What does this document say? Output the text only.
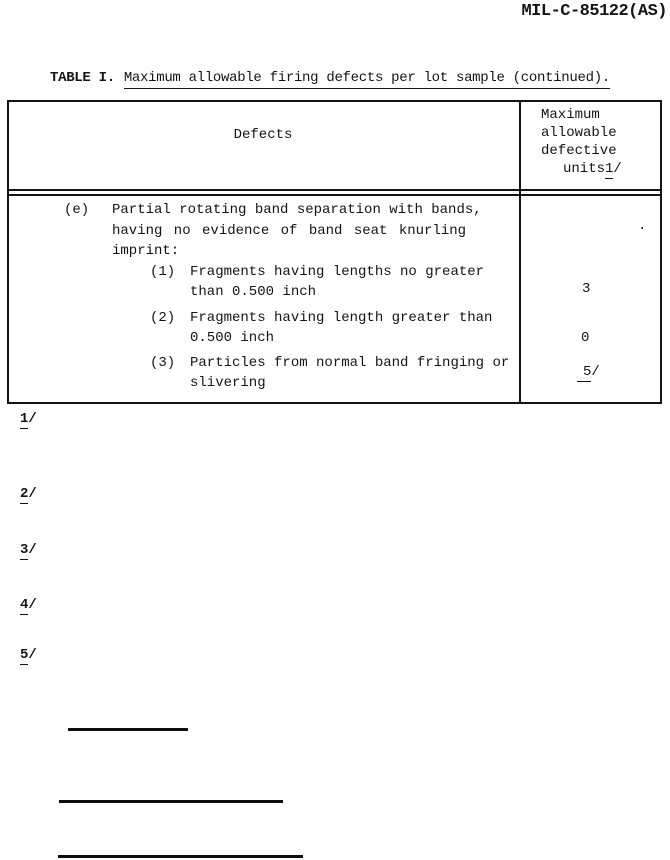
MIL-C-85122(AS)
TABLE I. Maximum allowable firing defects per lot sample (continued).
Defects
Maximum
allowable
defective
units1/
(e) Partial rotating band separation with bands,
having no evidence of band seat knurling
imprint:
.
(1) Fragments having lengths no greater
than 0.500 inch	3
(2) Fragments having length greater than
0.500 inch	0
(3) Particles from normal band fringing or
slivering
5/
1/
2/
3/
4/
5/
